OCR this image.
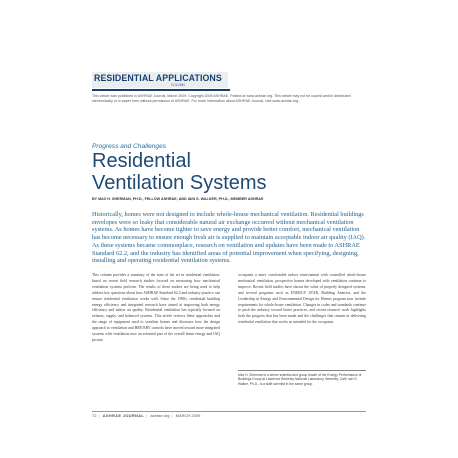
RESIDENTIAL APPLICATIONS
COLUMN
This article was published in ASHRAE Journal, March 2009. Copyright 2009 ASHRAE. Posted at www.ashrae.org. This article may not be copied and/or distributed electronically or in paper form without permission of ASHRAE. For more information about ASHRAE Journal, visit www.ashrae.org.
Progress and Challenges
Residential
Ventilation Systems
BY MAX H. SHERMAN, PH.D., FELLOW ASHRAE; AND IAIN S. WALKER, PH.D., MEMBER ASHRAE
Historically, homes were not designed to include whole-house mechanical ventilation. Residential buildings envelopes were so leaky that considerable natural air exchange occurred without mechanical ventilation systems. As homes have become tighter to save energy and provide better comfort, mechanical ventilation has become necessary to ensure enough fresh air is supplied to maintain acceptable indoor air quality (IAQ). As these systems became commonplace, research on ventilation and updates have been made to ASHRAE Standard 62.2, and the industry has identified areas of potential improvement when specifying, designing, installing and operating residential ventilation systems.
This column provides a summary of the state of the art in residential ventilation, based on recent field research studies focused on measuring how mechanical ventilation systems perform. The results of these studies are being used to help address key questions about how ASHRAE Standard 62.2 and industry practice can ensure residential ventilation works well. Since the 1980s, residential building energy efficiency and integrated research have aimed at improving both energy efficiency and indoor air quality. Residential ventilation has typically focused on exhaust, supply, and balanced systems. This article reviews these approaches and the range of equipment used to ventilate homes and discusses how the design approach to ventilation and HRV/ERV controls have moved toward more integrated systems with ventilation now an essential part of the overall home energy and IAQ picture.
occupants a more comfortable indoor environment with controlled whole-house mechanical ventilation, prospective homes developed with ventilation continue to improve. Recent field studies have shown the value of properly designed systems, and several programs such as ENERGY STAR, Building America, and the Leadership in Energy and Environmental Design for Homes program now include requirements for whole-house ventilation. Changes in codes and standards continue to push the industry toward better practices, and recent research work highlights both the progress that has been made and the challenges that remain in delivering residential ventilation that works as intended for the occupants.
Max H. Sherman is a senior scientist and group leader of the Energy Performance of Buildings Group at Lawrence Berkeley National Laboratory, Berkeley, Calif. Iain S. Walker, Ph.D., is a staff scientist in the same group.
72 | ASHRAE JOURNAL | ashrae.org | MARCH 2009
